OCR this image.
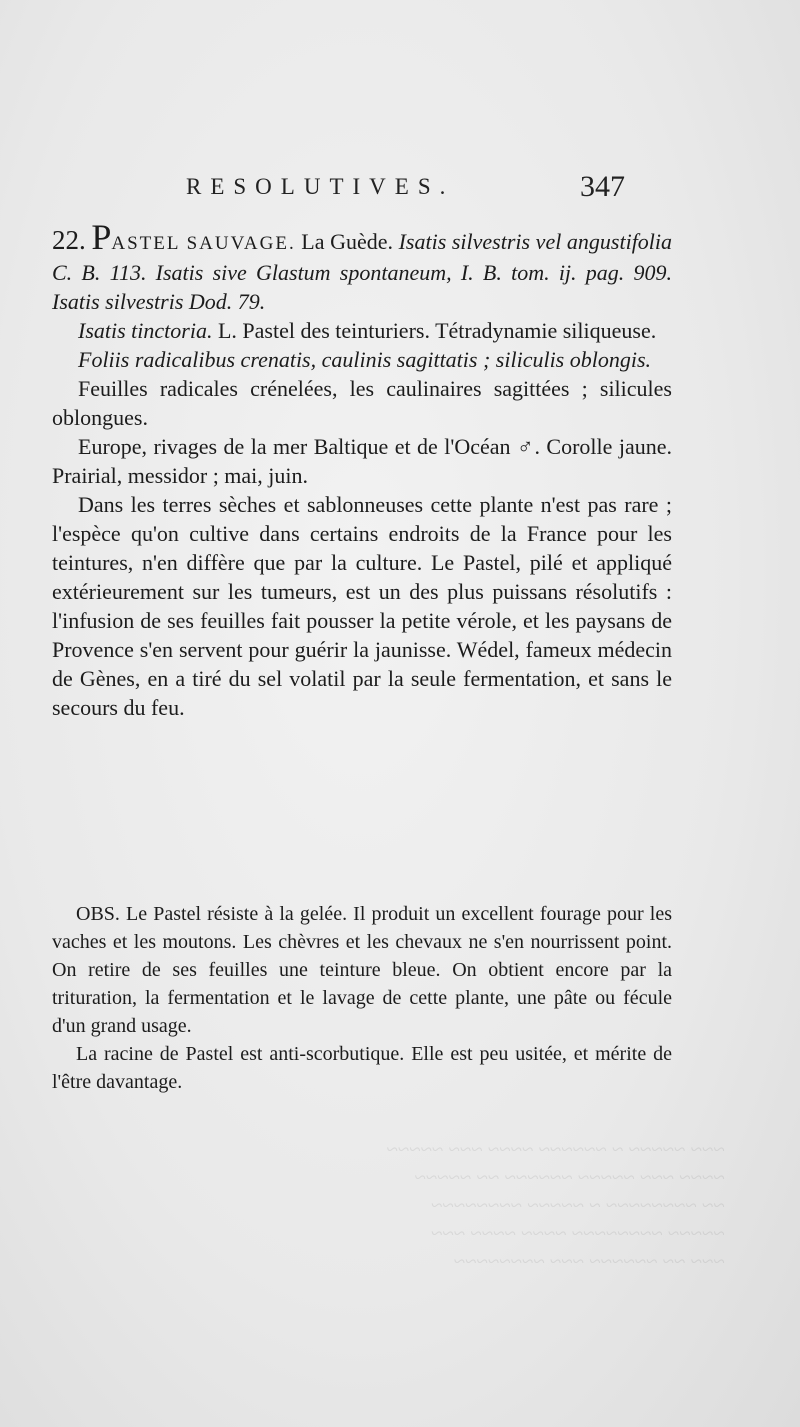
RESOLUTIVES.	347

22. PASTEL SAUVAGE. La Guède. Isatis silvestris vel angustifolia C. B. 113. Isatis sive Glastum spontaneum, I. B. tom. ij. pag. 909. Isatis silvestris Dod. 79.

Isatis tinctoria. L. Pastel des teinturiers. Tétradynamie siliqueuse.

Foliis radicalibus crenatis, caulinis sagittatis ; siliculis oblongis.

Feuilles radicales crénelées, les caulinaires sagittées ; silicules oblongues.

Europe, rivages de la mer Baltique et de l'Océan ♂. Corolle jaune. Prairial, messidor ; mai, juin.

Dans les terres sèches et sablonneuses cette plante n'est pas rare ; l'espèce qu'on cultive dans certains endroits de la France pour les teintures, n'en diffère que par la culture. Le Pastel, pilé et appliqué extérieurement sur les tumeurs, est un des plus puissans résolutifs : l'infusion de ses feuilles fait pousser la petite vérole, et les paysans de Provence s'en servent pour guérir la jaunisse. Wédel, fameux médecin de Gènes, en a tiré du sel volatil par la seule fermentation, et sans le secours du feu.

OBS. Le Pastel résiste à la gelée. Il produit un excellent fourage pour les vaches et les moutons. Les chèvres et les chevaux ne s'en nourrissent point. On retire de ses feuilles une teinture bleue. On obtient encore par la trituration, la fermentation et le lavage de cette plante, une pâte ou fécule d'un grand usage.

La racine de Pastel est anti-scorbutique. Elle est peu usitée, et mérite de l'être davantage.

~~~ ~~~~~ ~ ~~~~~~ ~~~~ ~~~ ~~~~~
~~~~ ~~~ ~~~~~ ~~~~~~ ~~ ~~~~~
~~ ~~~~~~~~ ~ ~~~~~ ~~~~~~~~
~~~~~ ~~~~~~~~ ~~~~ ~~~~ ~~~
~~~ ~~ ~~~~~~ ~~~ ~~~~~~~~
